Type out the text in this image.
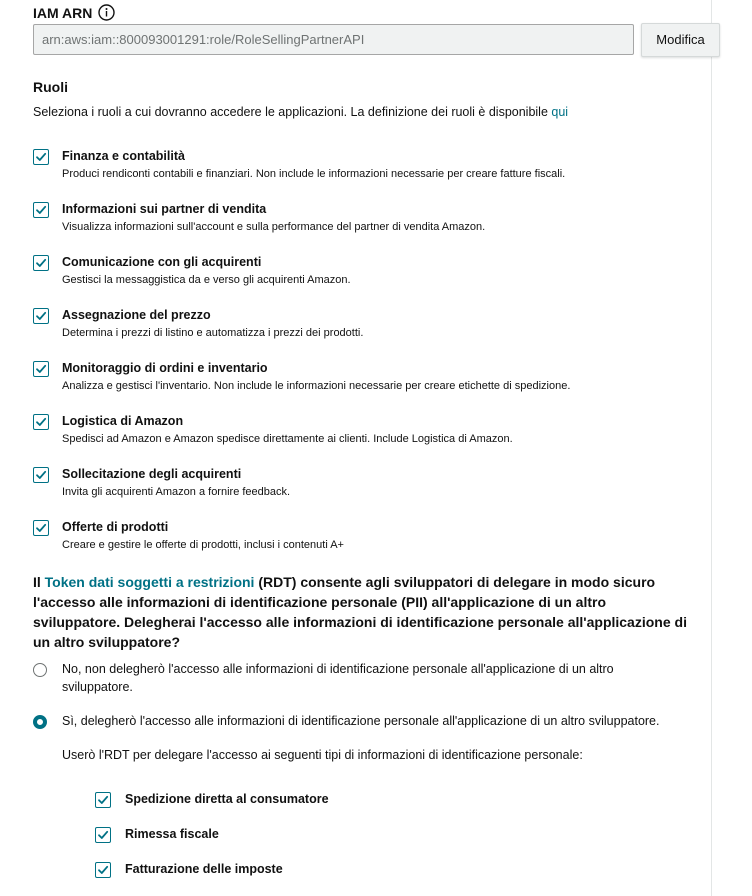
IAM ARN
arn:aws:iam::800093001291:role/RoleSellingPartnerAPI
Modifica
Ruoli
Seleziona i ruoli a cui dovranno accedere le applicazioni. La definizione dei ruoli è disponibile qui
Finanza e contabilità
Produci rendiconti contabili e finanziari. Non include le informazioni necessarie per creare fatture fiscali.
Informazioni sui partner di vendita
Visualizza informazioni sull'account e sulla performance del partner di vendita Amazon.
Comunicazione con gli acquirenti
Gestisci la messaggistica da e verso gli acquirenti Amazon.
Assegnazione del prezzo
Determina i prezzi di listino e automatizza i prezzi dei prodotti.
Monitoraggio di ordini e inventario
Analizza e gestisci l'inventario. Non include le informazioni necessarie per creare etichette di spedizione.
Logistica di Amazon
Spedisci ad Amazon e Amazon spedisce direttamente ai clienti. Include Logistica di Amazon.
Sollecitazione degli acquirenti
Invita gli acquirenti Amazon a fornire feedback.
Offerte di prodotti
Creare e gestire le offerte di prodotti, inclusi i contenuti A+
Il Token dati soggetti a restrizioni (RDT) consente agli sviluppatori di delegare in modo sicuro l'accesso alle informazioni di identificazione personale (PII) all'applicazione di un altro sviluppatore. Delegherai l'accesso alle informazioni di identificazione personale all'applicazione di un altro sviluppatore?
No, non delegherò l'accesso alle informazioni di identificazione personale all'applicazione di un altro sviluppatore.
Sì, delegherò l'accesso alle informazioni di identificazione personale all'applicazione di un altro sviluppatore.
Userò l'RDT per delegare l'accesso ai seguenti tipi di informazioni di identificazione personale:
Spedizione diretta al consumatore
Rimessa fiscale
Fatturazione delle imposte
